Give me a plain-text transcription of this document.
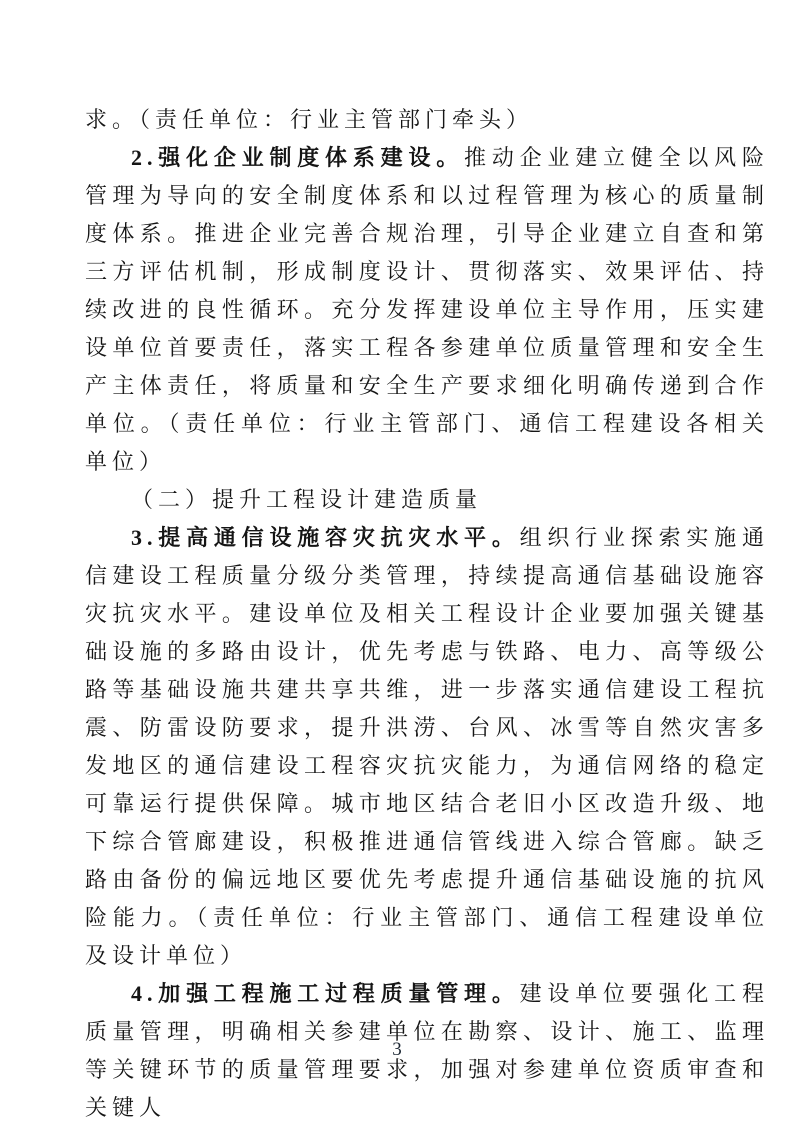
求。（责任单位：行业主管部门牵头）

2.强化企业制度体系建设。推动企业建立健全以风险管理为导向的安全制度体系和以过程管理为核心的质量制度体系。推进企业完善合规治理，引导企业建立自查和第三方评估机制，形成制度设计、贯彻落实、效果评估、持续改进的良性循环。充分发挥建设单位主导作用，压实建设单位首要责任，落实工程各参建单位质量管理和安全生产主体责任，将质量和安全生产要求细化明确传递到合作单位。（责任单位：行业主管部门、通信工程建设各相关单位）

（二）提升工程设计建造质量

3.提高通信设施容灾抗灾水平。组织行业探索实施通信建设工程质量分级分类管理，持续提高通信基础设施容灾抗灾水平。建设单位及相关工程设计企业要加强关键基础设施的多路由设计，优先考虑与铁路、电力、高等级公路等基础设施共建共享共维，进一步落实通信建设工程抗震、防雷设防要求，提升洪涝、台风、冰雪等自然灾害多发地区的通信建设工程容灾抗灾能力，为通信网络的稳定可靠运行提供保障。城市地区结合老旧小区改造升级、地下综合管廊建设，积极推进通信管线进入综合管廊。缺乏路由备份的偏远地区要优先考虑提升通信基础设施的抗风险能力。（责任单位：行业主管部门、通信工程建设单位及设计单位）

4.加强工程施工过程质量管理。建设单位要强化工程质量管理，明确相关参建单位在勘察、设计、施工、监理等关键环节的质量管理要求，加强对参建单位资质审查和关键人

3
